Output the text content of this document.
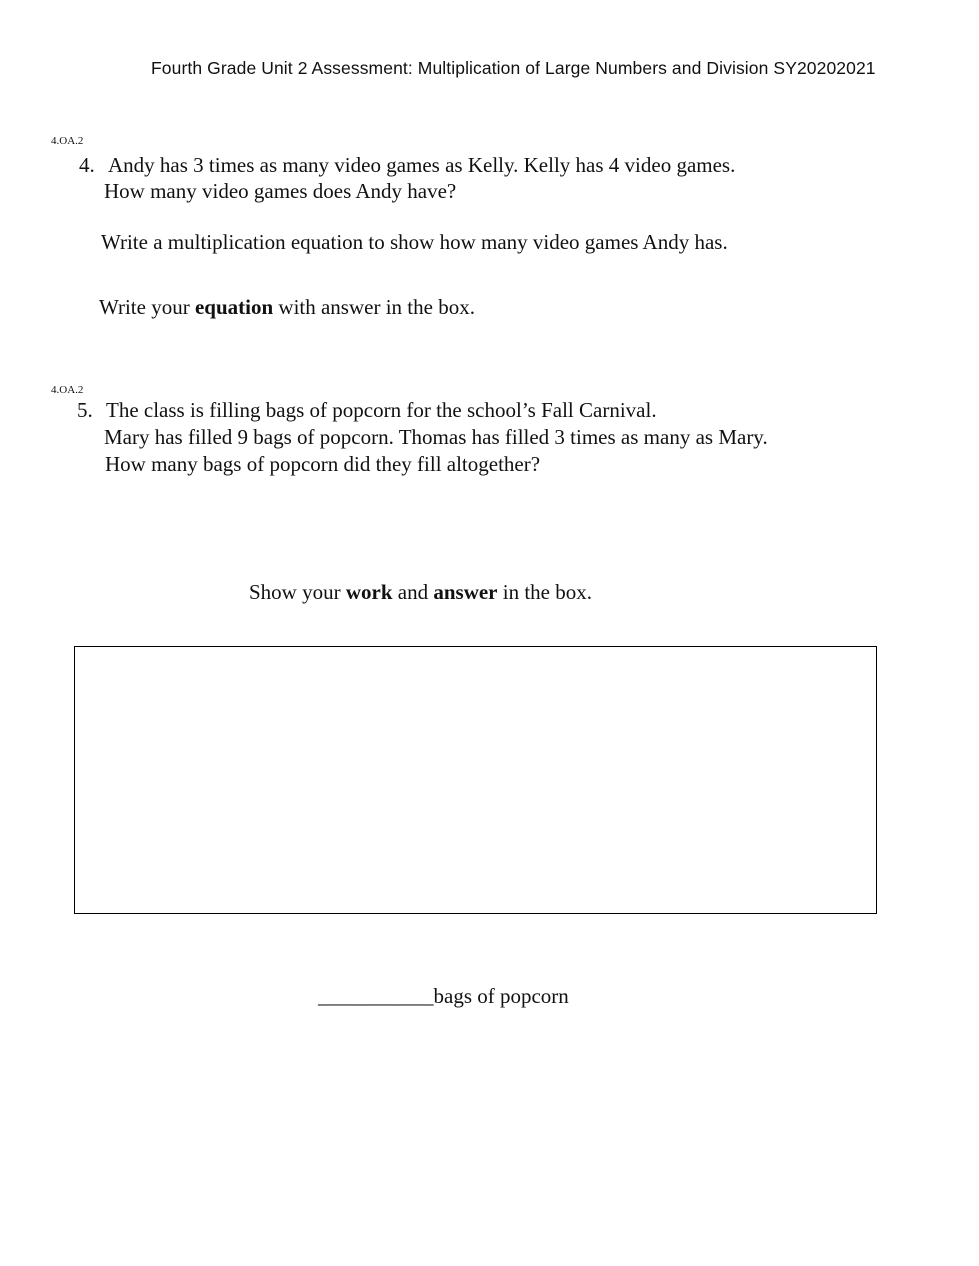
Fourth Grade Unit 2 Assessment: Multiplication of Large Numbers and Division SY20202021
4.OA.2
4. Andy has 3 times as many video games as Kelly. Kelly has 4 video games.
How many video games does Andy have?
Write a multiplication equation to show how many video games Andy has.
Write your equation with answer in the box.
4.OA.2
5. The class is filling bags of popcorn for the school’s Fall Carnival.
Mary has filled 9 bags of popcorn. Thomas has filled 3 times as many as Mary.
How many bags of popcorn did they fill altogether?
Show your work and answer in the box.
___________bags of popcorn
